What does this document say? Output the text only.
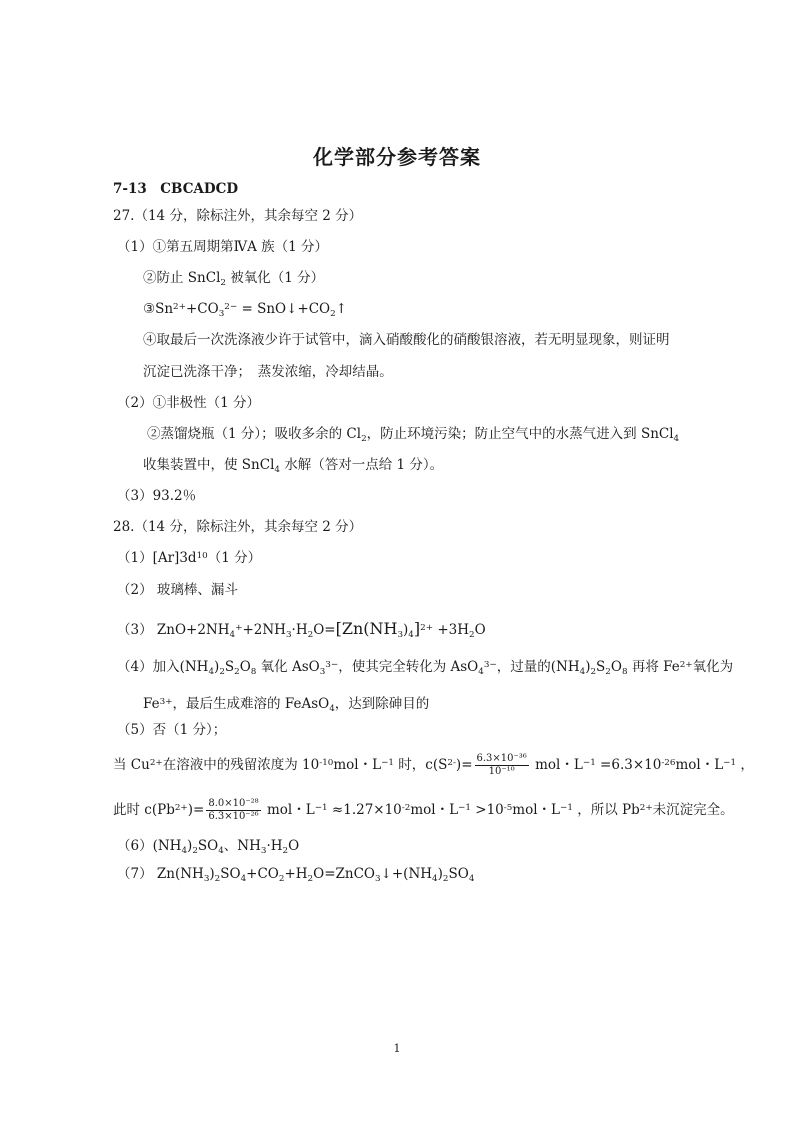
化学部分参考答案
7-13　CBCADCD
27.（14 分，除标注外，其余每空 2 分）
（1）①第五周期第ⅣA 族（1 分）
②防止 SnCl2 被氧化（1 分）
$③Sn^{2+}+CO3^{2-}$ = SnO↓+CO2↑
④取最后一次洗涤液少许于试管中，滴入硝酸酸化的硝酸银溶液，若无明显现象，则证明
沉淀已洗涤干净；　蒸发浓缩，冷却结晶。
（2）①非极性（1 分）
②蒸馏烧瓶（1 分）；吸收多余的 Cl2，防止环境污染；防止空气中的水蒸气进入到 SnCl4
收集装置中，使 SnCl4 水解（答对一点给 1 分）。
（3）93.2％
28.（14 分，除标注外，其余每空 2 分）
$(1)[Ar]3d^{10}(1$ 分）
（2） 玻璃棒、漏斗
（3） $ZnO+2NH4^++2NH3\cdot H2O=[Zn(NH3)4]^{2+} +3H2O$
（4）加入(NH4)2S2O8 氧化 $AsO3^{3-}$，使其完全转化为 $AsO4^{3-}$，过量的(NH4)2S2O8 再将 $Fe^{2+}$氧化为
$Fe^{3+}$，最后生成难溶的 FeAsO4，达到除砷目的
（5）否（1 分）；
当 $Cu^{2+}$在溶液中的残留浓度为 $10^{-10}mol$・$L^{-1}$ 时，$c(S^{2-})= \frac{\text{6.3×10⁻³⁶}}{\text{10⁻¹⁰}}$ mol・$L^{-1} =6.3\times 10^{-26}mol$・$L^{-1}$ ，
此时 $c(Pb^{2+})= \frac{\text{8.0×10⁻²⁸}}{\text{6.3×10⁻²⁶}}$ mol・$L^{-1} \approx 1.27\times 10^{-2}mol$・$L^{-1} >10^{-5}mol$・$L^{-1}$ ，所以 $Pb^{2+}$未沉淀完全。
（6）(NH4)2SO4、NH3·H2O
（7） Zn(NH3)2SO4+CO2+H2O=ZnCO3↓+(NH4)2SO4
1
